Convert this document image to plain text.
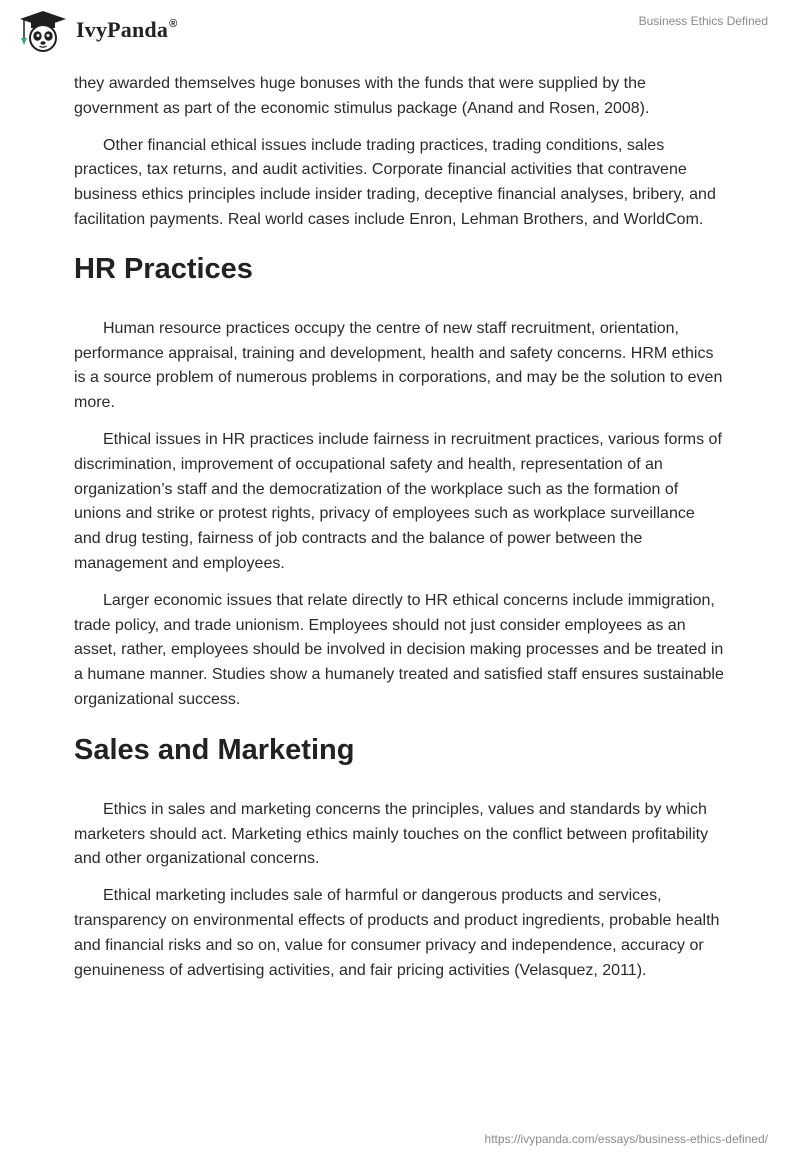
IvyPanda®	Business Ethics Defined

they awarded themselves huge bonuses with the funds that were supplied by the government as part of the economic stimulus package (Anand and Rosen, 2008).

Other financial ethical issues include trading practices, trading conditions, sales practices, tax returns, and audit activities. Corporate financial activities that contravene business ethics principles include insider trading, deceptive financial analyses, bribery, and facilitation payments. Real world cases include Enron, Lehman Brothers, and WorldCom.

HR Practices

Human resource practices occupy the centre of new staff recruitment, orientation, performance appraisal, training and development, health and safety concerns. HRM ethics is a source problem of numerous problems in corporations, and may be the solution to even more.

Ethical issues in HR practices include fairness in recruitment practices, various forms of discrimination, improvement of occupational safety and health, representation of an organization’s staff and the democratization of the workplace such as the formation of unions and strike or protest rights, privacy of employees such as workplace surveillance and drug testing, fairness of job contracts and the balance of power between the management and employees.

Larger economic issues that relate directly to HR ethical concerns include immigration, trade policy, and trade unionism. Employees should not just consider employees as an asset, rather, employees should be involved in decision making processes and be treated in a humane manner. Studies show a humanely treated and satisfied staff ensures sustainable organizational success.

Sales and Marketing

Ethics in sales and marketing concerns the principles, values and standards by which marketers should act. Marketing ethics mainly touches on the conflict between profitability and other organizational concerns.

Ethical marketing includes sale of harmful or dangerous products and services, transparency on environmental effects of products and product ingredients, probable health and financial risks and so on, value for consumer privacy and independence, accuracy or genuineness of advertising activities, and fair pricing activities (Velasquez, 2011).

https://ivypanda.com/essays/business-ethics-defined/
